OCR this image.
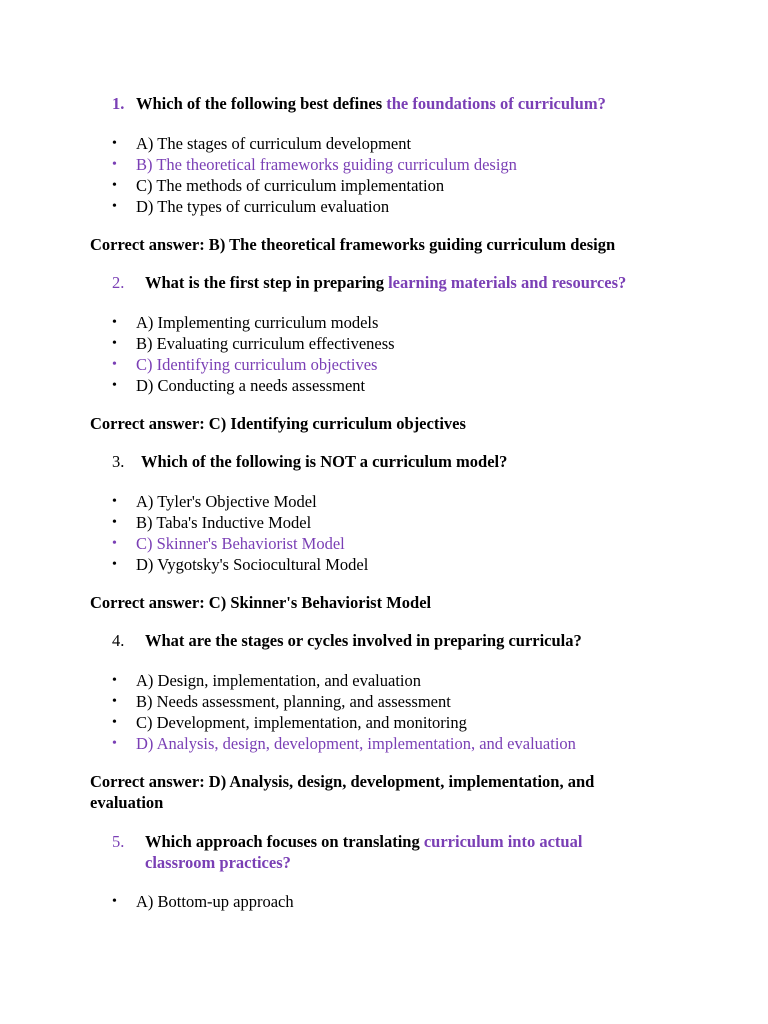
1. Which of the following best defines the foundations of curriculum?
• A) The stages of curriculum development
• B) The theoretical frameworks guiding curriculum design
• C) The methods of curriculum implementation
• D) The types of curriculum evaluation
Correct answer: B) The theoretical frameworks guiding curriculum design
2.	What is the first step in preparing learning materials and resources?
• A) Implementing curriculum models
• B) Evaluating curriculum effectiveness
• C) Identifying curriculum objectives
• D) Conducting a needs assessment
Correct answer: C) Identifying curriculum objectives
3.	Which of the following is NOT a curriculum model?
• A) Tyler's Objective Model
• B) Taba's Inductive Model
• C) Skinner's Behaviorist Model
• D) Vygotsky's Sociocultural Model
Correct answer: C) Skinner's Behaviorist Model
4.	What are the stages or cycles involved in preparing curricula?
• A) Design, implementation, and evaluation
• B) Needs assessment, planning, and assessment
• C) Development, implementation, and monitoring
• D) Analysis, design, development, implementation, and evaluation
Correct answer: D) Analysis, design, development, implementation, and evaluation
5.	Which approach focuses on translating curriculum into actual classroom practices?
• A) Bottom-up approach
